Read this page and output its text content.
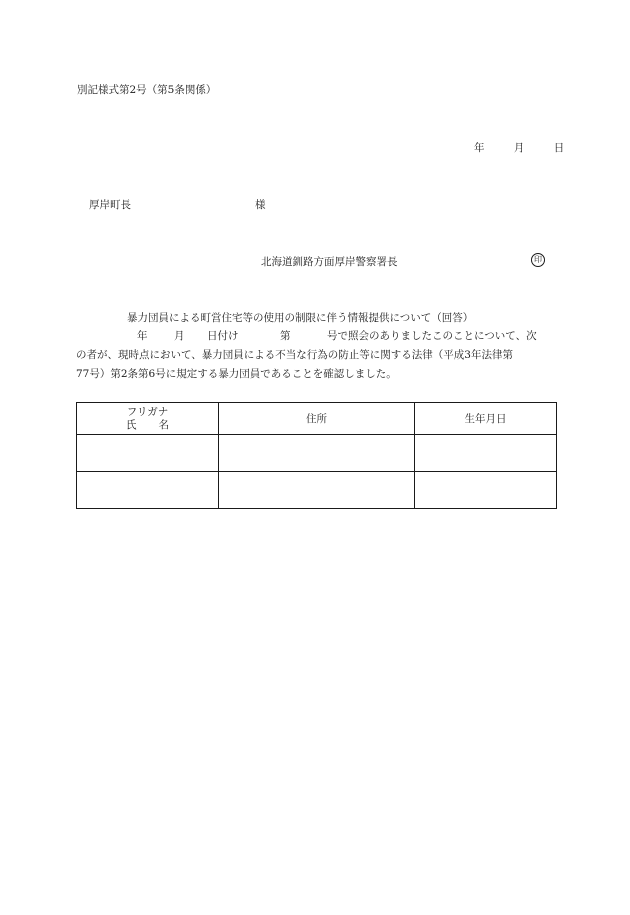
別記様式第2号（第5条関係）
年	月	日
厚岸町長	様
北海道釧路方面厚岸警察署長	印
暴力団員による町営住宅等の使用の制限に伴う情報提供について（回答）
年	月 日付け	第	号で照会のありましたこのことについて、次
の者が、現時点において、暴力団員による不当な行為の防止等に関する法律（平成3年法律第
77号）第2条第6号に規定する暴力団員であることを確認しました。
フリガナ
氏 名	住所	生年月日
